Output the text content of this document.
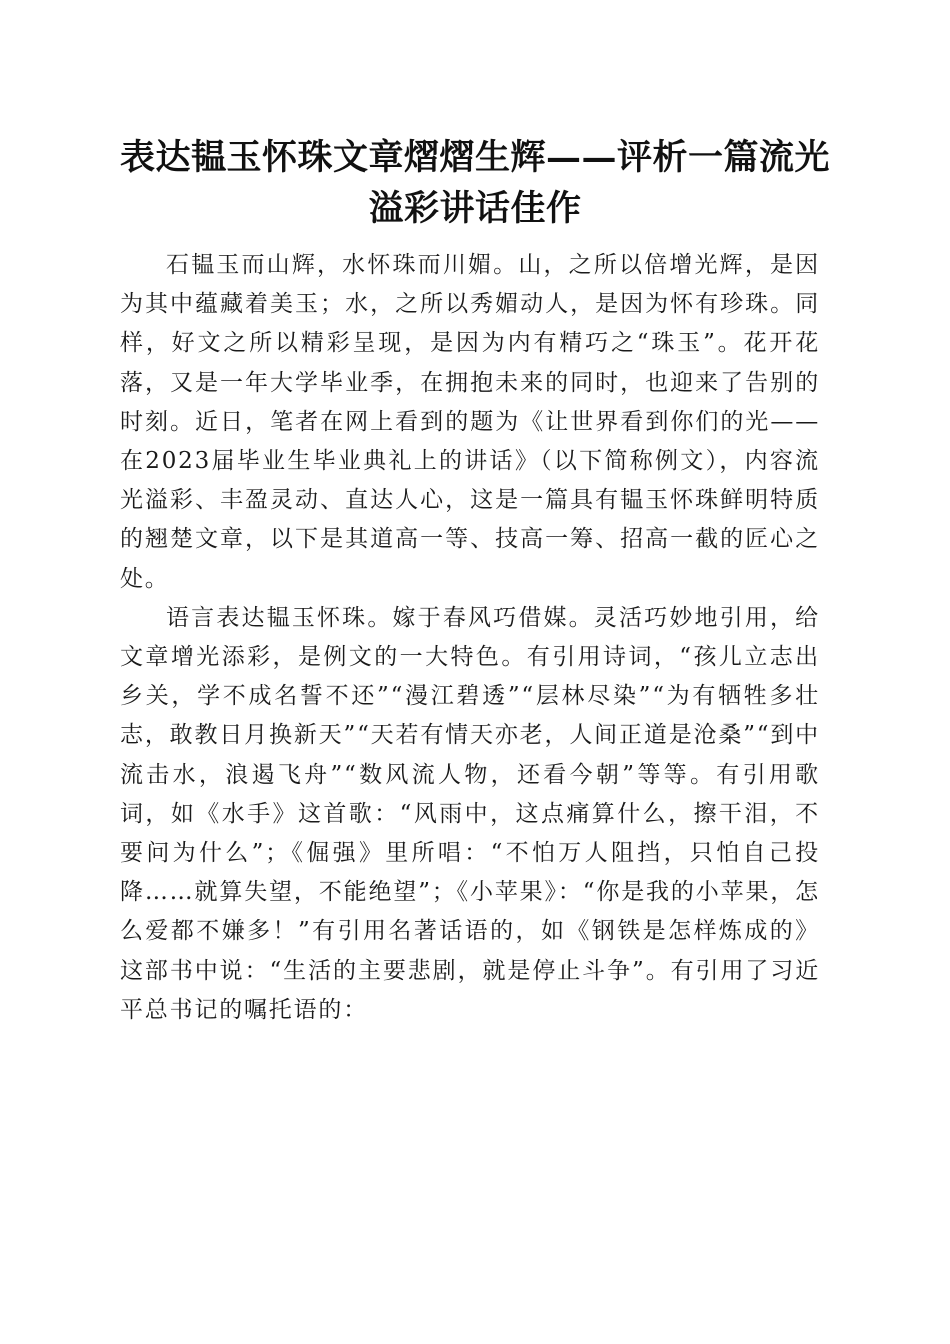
表达韫玉怀珠文章熠熠生辉——评析一篇流光溢彩讲话佳作

石韫玉而山辉，水怀珠而川媚。山，之所以倍增光辉，是因为其中蕴藏着美玉；水，之所以秀媚动人，是因为怀有珍珠。同样，好文之所以精彩呈现，是因为内有精巧之“珠玉”。花开花落，又是一年大学毕业季，在拥抱未来的同时，也迎来了告别的时刻。近日，笔者在网上看到的题为《让世界看到你们的光——在2023届毕业生毕业典礼上的讲话》（以下简称例文），内容流光溢彩、丰盈灵动、直达人心，这是一篇具有韫玉怀珠鲜明特质的翘楚文章，以下是其道高一等、技高一筹、招高一截的匠心之处。

语言表达韫玉怀珠。嫁于春风巧借媒。灵活巧妙地引用，给文章增光添彩，是例文的一大特色。有引用诗词，“孩儿立志出乡关，学不成名誓不还”“漫江碧透”“层林尽染”“为有牺牲多壮志，敢教日月换新天”“天若有情天亦老，人间正道是沧桑”“到中流击水，浪遏飞舟”“数风流人物，还看今朝”等等。有引用歌词，如《水手》这首歌：“风雨中，这点痛算什么，擦干泪，不要问为什么”；《倔强》里所唱：“不怕万人阻挡，只怕自己投降……就算失望，不能绝望”；《小苹果》：“你是我的小苹果，怎么爱都不嫌多！”有引用名著话语的，如《钢铁是怎样炼成的》这部书中说：“生活的主要悲剧，就是停止斗争”。有引用了习近平总书记的嘱托语的：
